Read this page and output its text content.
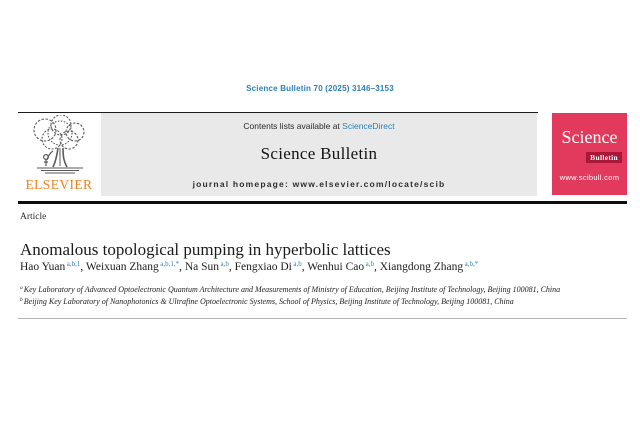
Science Bulletin 70 (2025) 3146–3153
ELSEVIER
Contents lists available at ScienceDirect
Science Bulletin
journal homepage: www.elsevier.com/locate/scib
Science
Bulletin
www.scibull.com
Article
Anomalous topological pumping in hyperbolic lattices

Hao Yuan $^{a,b,1}$, Weixuan Zhang $^{a,b,1,*}$, Na Sun $^{a,b}$, Fengxiao Di $^{a,b}$, Wenhui Cao $^{a,b}$, Xiangdong Zhang $^{a,b,*}$

$^a$Key Laboratory of Advanced Optoelectronic Quantum Architecture and Measurements of Ministry of Education, Beijing Institute of Technology, Beijing 100081, China

$^b$Beijing Key Laboratory of Nanophotonics & Ultrafine Optoelectronic Systems, School of Physics, Beijing Institute of Technology, Beijing 100081, China
